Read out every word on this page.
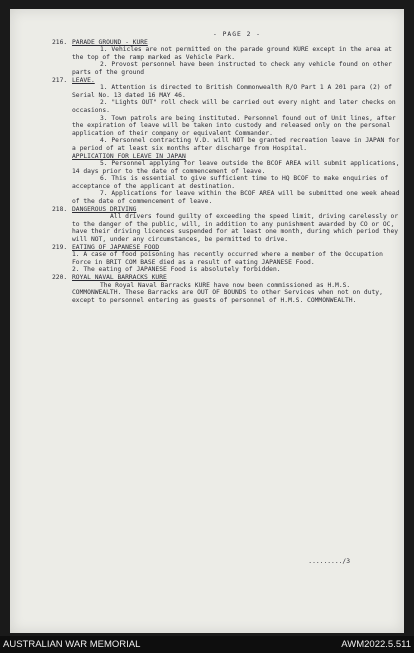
- PAGE 2 -

216. PARADE GROUND - KURE

1. Vehicles are not permitted on the parade ground KURE except in the area at the top of the ramp marked as Vehicle Park.

2. Provost personnel have been instructed to check any vehicle found on other parts of the ground

217. LEAVE.

1. Attention is directed to British Commonwealth R/O Part 1 A 201 para (2) of Serial No. 13 dated 16 MAY 46.

2. "Lights OUT" roll check will be carried out every night and later checks on occasions.

3. Town patrols are being instituted. Personnel found out of Unit lines, after the expiration of leave will be taken into custody and released only on the personal application of their company or equivalent Commander.

4. Personnel contracting V.D. will NOT be granted recreation leave in JAPAN for a period of at least six months after discharge from Hospital.

APPLICATION FOR LEAVE IN JAPAN

5. Personnel applying for leave outside the BCOF AREA will submit applications, 14 days prior to the date of commencement of leave.

6. This is essential to give sufficient time to HQ BCOF to make enquiries of acceptance of the applicant at destination.

7. Applications for leave within the BCOF AREA will be submitted one week ahead of the date of commencement of leave.

218. DANGEROUS DRIVING

All drivers found guilty of exceeding the speed limit, driving carelessly or to the danger of the public, will, in addition to any punishment awarded by CO or OC, have their driving licences suspended for at least one month, during which period they will NOT, under any circumstances, be permitted to drive.

219. EATING OF JAPANESE FOOD

1. A case of food poisoning has recently occurred where a member of the Occupation Force in BRIT COM BASE died as a result of eating JAPANESE Food.

2. The eating of JAPANESE Food is absolutely forbidden.

220. ROYAL NAVAL BARRACKS KURE

The Royal Naval Barracks KURE have now been commissioned as H.M.S. COMMONWEALTH. These Barracks are OUT OF BOUNDS to other Services when not on duty, except to personnel entering as guests of personnel of H.M.S. COMMONWEALTH.

........./3
AUSTRALIAN WAR MEMORIAL	AWM2022.5.511
